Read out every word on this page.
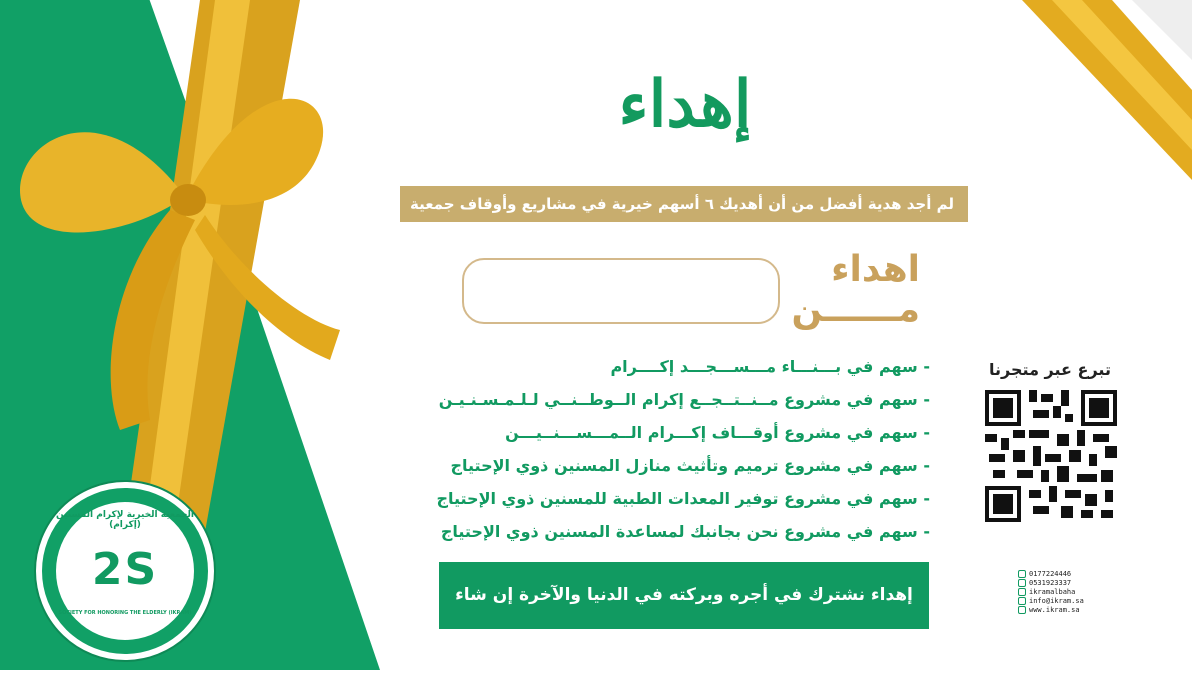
إهداء
لم أجد هدية أفضل من أن أهديك ٦ أسهم خيرية في مشاريع وأوقاف جمعية إكرام
اهداء
مــــــن
- سهم في بـــنـــاء مـــســـجـــد إكــــرام
- سهم في مشروع مــنــتــجــع إكرام الــوطــنــي لـلـمـسـنـيـن
- سهم في مشروع أوقـــاف إكـــرام الــمـــســـنــيـــن
- سهم في مشروع ترميم وتأثيث منازل المسنين ذوي الإحتياج
- سهم في مشروع توفير المعدات الطبية للمسنين ذوي الإحتياج
- سهم في مشروع نحن بجانبك لمساعدة المسنين ذوي الإحتياج
إهداء نشترك في أجره وبركته في الدنيا والآخرة إن شاء الله
تبرع عبر متجرنا
0177224446
0531923337
ikramalbaha
info@ikram.sa
www.ikram.sa
الجمعية الخيرية لإكرام المسنين (إكرام)
2S
SOCIETY FOR HONORING THE ELDERLY (IKRAM)
